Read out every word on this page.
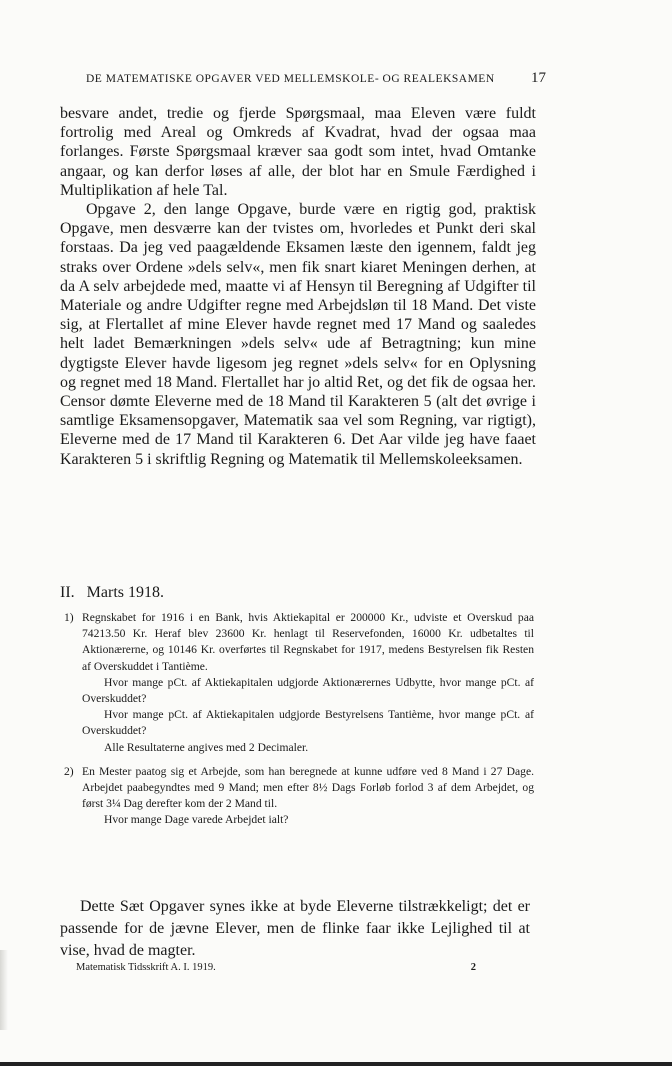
DE MATEMATISKE OPGAVER VED MELLEMSKOLE- OG REALEKSAMEN 17

besvare andet, tredie og fjerde Spørgsmaal, maa Eleven være fuldt fortrolig med Areal og Omkreds af Kvadrat, hvad der ogsaa maa forlanges. Første Spørgsmaal kræver saa godt som intet, hvad Omtanke angaar, og kan derfor løses af alle, der blot har en Smule Færdighed i Multiplikation af hele Tal.

Opgave 2, den lange Opgave, burde være en rigtig god, praktisk Opgave, men desværre kan der tvistes om, hvorledes et Punkt deri skal forstaas. Da jeg ved paagældende Eksamen læste den igennem, faldt jeg straks over Ordene »dels selv«, men fik snart kiaret Meningen derhen, at da A selv arbejdede med, maatte vi af Hensyn til Beregning af Udgifter til Materiale og andre Udgifter regne med Arbejdsløn til 18 Mand. Det viste sig, at Flertallet af mine Elever havde regnet med 17 Mand og saaledes helt ladet Bemærkningen »dels selv« ude af Betragtning; kun mine dygtigste Elever havde ligesom jeg regnet »dels selv« for en Oplysning og regnet med 18 Mand. Flertallet har jo altid Ret, og det fik de ogsaa her. Censor dømte Eleverne med de 18 Mand til Karakteren 5 (alt det øvrige i samtlige Eksamensopgaver, Matematik saa vel som Regning, var rigtigt), Eleverne med de 17 Mand til Karakteren 6. Det Aar vilde jeg have faaet Karakteren 5 i skriftlig Regning og Matematik til Mellemskoleeksamen.

II.   Marts 1918.
1) Regnskabet for 1916 i en Bank, hvis Aktiekapital er 200000 Kr., udviste et Overskud paa 74213.50 Kr. Heraf blev 23600 Kr. henlagt til Reservefonden, 16000 Kr. udbetaltes til Aktionærerne, og 10146 Kr. overførtes til Regnskabet for 1917, medens Bestyrelsen fik Resten af Overskuddet i Tantième.

Hvor mange pCt. af Aktiekapitalen udgjorde Aktionærernes Udbytte, hvor mange pCt. af Overskuddet?

Hvor mange pCt. af Aktiekapitalen udgjorde Bestyrelsens Tantième, hvor mange pCt. af Overskuddet?

Alle Resultaterne angives med 2 Decimaler.

2) En Mester paatog sig et Arbejde, som han beregnede at kunne udføre ved 8 Mand i 27 Dage. Arbejdet paabegyndtes med 9 Mand; men efter 8½ Dags Forløb forlod 3 af dem Arbejdet, og først 3¼ Dag derefter kom der 2 Mand til.

Hvor mange Dage varede Arbejdet ialt?

Dette Sæt Opgaver synes ikke at byde Eleverne tilstrækkeligt; det er passende for de jævne Elever, men de flinke faar ikke Lejlighed til at vise, hvad de magter.

Matematisk Tidsskrift A. I. 1919.	2
